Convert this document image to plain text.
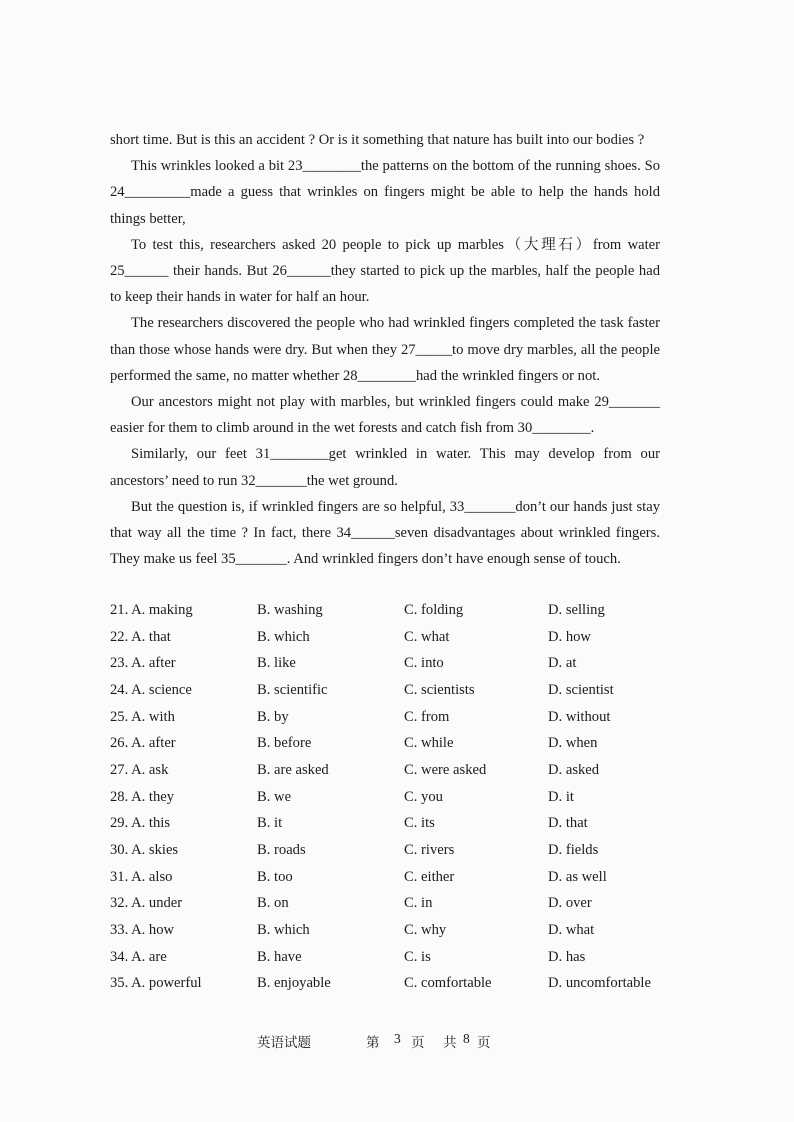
short time. But is this an accident ? Or is it something that nature has built into our bodies ?

This wrinkles looked a bit 23________the patterns on the bottom of the running shoes. So 24_________made a guess that wrinkles on fingers might be able to help the hands hold things better,

To test this, researchers asked 20 people to pick up marbles（大理石）from water 25______ their hands. But 26______they started to pick up the marbles, half the people had to keep their hands in water for half an hour.

The researchers discovered the people who had wrinkled fingers completed the task faster than those whose hands were dry. But when they 27_____to move dry marbles, all the people performed the same, no matter whether 28________had the wrinkled fingers or not.

Our ancestors might not play with marbles, but wrinkled fingers could make 29_______ easier for them to climb around in the wet forests and catch fish from 30________.

Similarly, our feet 31________get wrinkled in water. This may develop from our ancestors’ need to run 32_______the wet ground.

But the question is, if wrinkled fingers are so helpful, 33_______don’t our hands just stay that way all the time ? In fact, there 34______seven disadvantages about wrinkled fingers. They make us feel 35_______. And wrinkled fingers don’t have enough sense of touch.

21. A. making	B. washing	C. folding	D. selling
22. A. that	B. which	C. what	D. how
23. A. after	B. like	C. into	D. at
24. A. science	B. scientific	C. scientists	D. scientist
25. A. with	B. by	C. from	D. without
26. A. after	B. before	C. while	D. when
27. A. ask	B. are asked	C. were asked	D. asked
28. A. they	B. we	C. you	D. it
29. A. this	B. it	C. its	D. that
30. A. skies	B. roads	C. rivers	D. fields
31. A. also	B. too	C. either	D. as well
32. A. under	B. on	C. in	D. over
33. A. how	B. which	C. why	D. what
34. A. are	B. have	C. is	D. has
35. A. powerful	B. enjoyable	C. comfortable	D. uncomfortable
英语试题	第 3 页 共 8 页
